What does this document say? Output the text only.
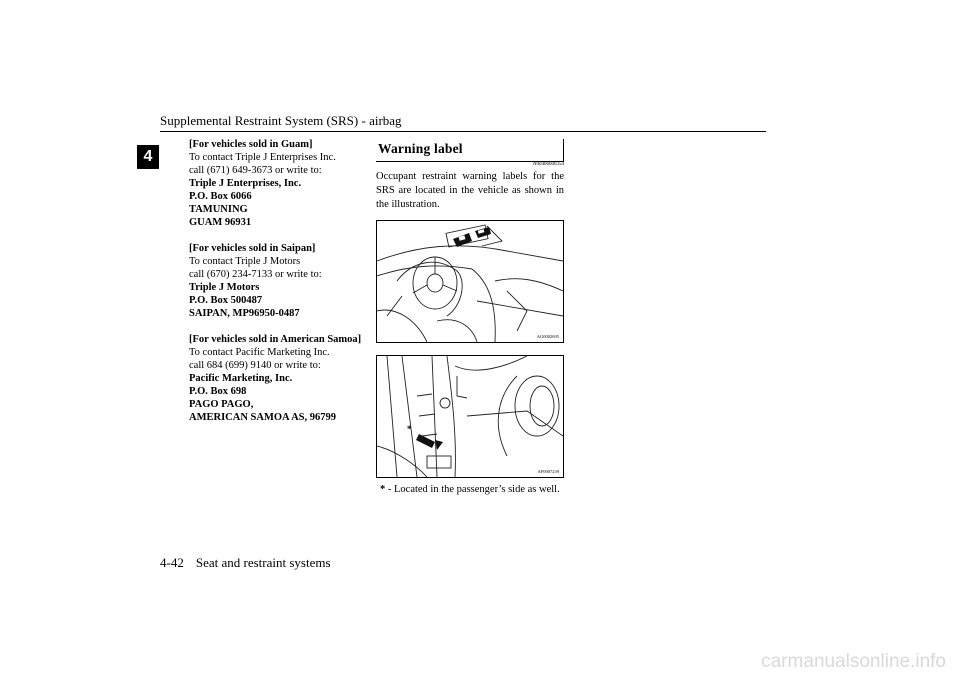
Supplemental Restraint System (SRS) - airbag
4
[For vehicles sold in Guam]
To contact Triple J Enterprises Inc.
call (671) 649-3673 or write to:
Triple J Enterprises, Inc.
P.O. Box 6066
TAMUNING
GUAM 96931
[For vehicles sold in Saipan]
To contact Triple J Motors
call (670) 234-7133 or write to:
Triple J Motors
P.O. Box 500487
SAIPAN, MP96950-0487
[For vehicles sold in American Samoa]
To contact Pacific Marketing Inc.
call 684 (699) 9140 or write to:
Pacific Marketing, Inc.
P.O. Box 698
PAGO PAGO,
AMERICAN SAMOA AS, 96799
Warning label
N00406600354
Occupant restraint warning labels for the SRS are located in the vehicle as shown in the illustration.
AG0002695
*
AF0007239
* - Located in the passenger’s side as well.
4-42 Seat and restraint systems
carmanualsonline.info
